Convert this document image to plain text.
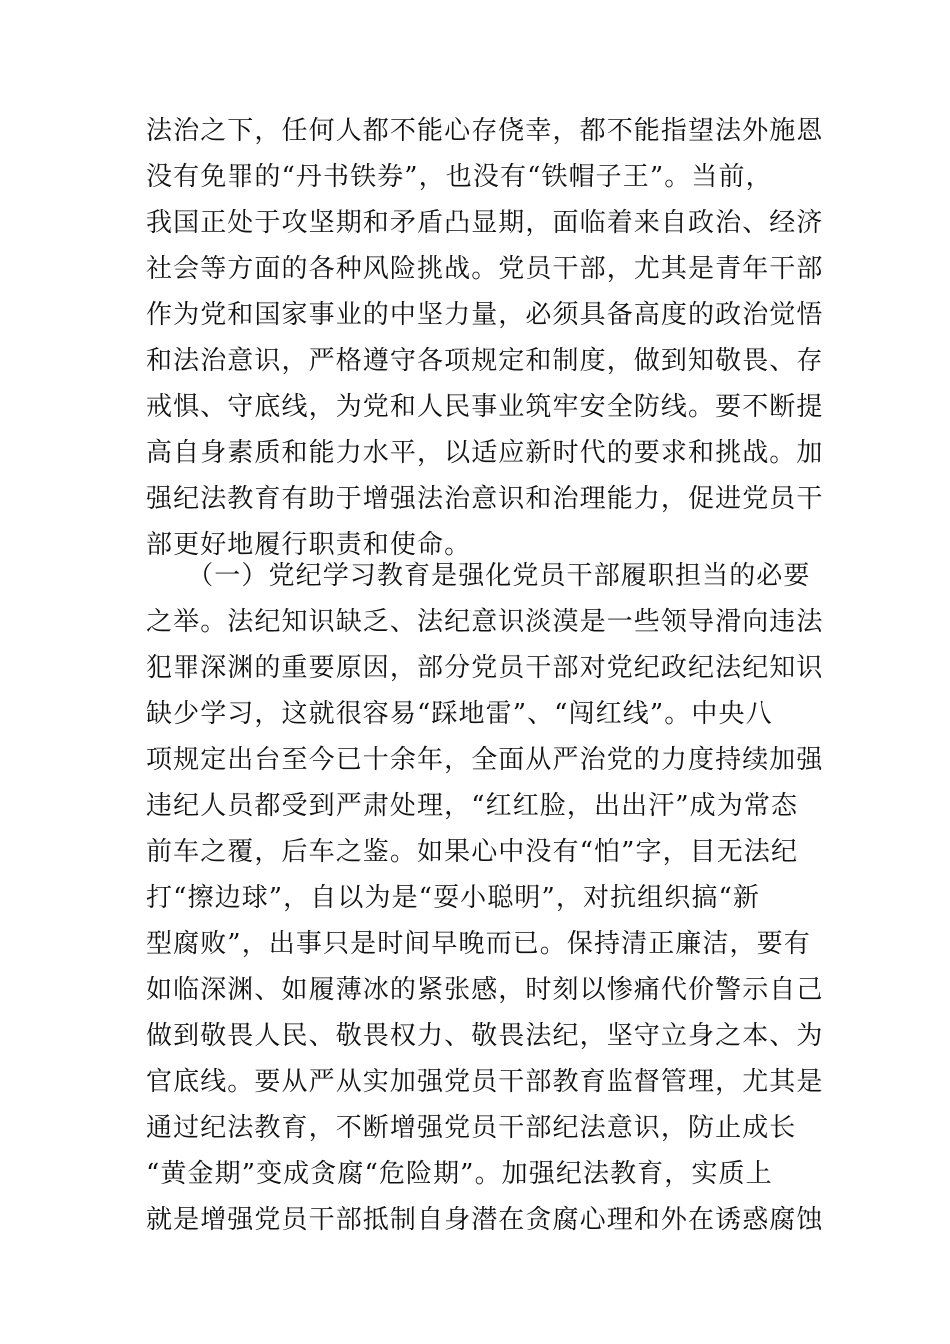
法治之下，任何人都不能心存侥幸，都不能指望法外施恩
没有免罪的“丹书铁券”，也没有“铁帽子王”。当前，
我国正处于攻坚期和矛盾凸显期，面临着来自政治、经济
社会等方面的各种风险挑战。党员干部，尤其是青年干部
作为党和国家事业的中坚力量，必须具备高度的政治觉悟
和法治意识，严格遵守各项规定和制度，做到知敬畏、存
戒惧、守底线，为党和人民事业筑牢安全防线。要不断提
高自身素质和能力水平，以适应新时代的要求和挑战。加
强纪法教育有助于增强法治意识和治理能力，促进党员干
部更好地履行职责和使命。
　　（一）党纪学习教育是强化党员干部履职担当的必要
之举。法纪知识缺乏、法纪意识淡漠是一些领导滑向违法
犯罪深渊的重要原因，部分党员干部对党纪政纪法纪知识
缺少学习，这就很容易“踩地雷”、“闯红线”。中央八
项规定出台至今已十余年，全面从严治党的力度持续加强
违纪人员都受到严肃处理，“红红脸，出出汗”成为常态
前车之覆，后车之鉴。如果心中没有“怕”字，目无法纪
打“擦边球”，自以为是“耍小聪明”，对抗组织搞“新
型腐败”，出事只是时间早晚而已。保持清正廉洁，要有
如临深渊、如履薄冰的紧张感，时刻以惨痛代价警示自己
做到敬畏人民、敬畏权力、敬畏法纪，坚守立身之本、为
官底线。要从严从实加强党员干部教育监督管理，尤其是
通过纪法教育，不断增强党员干部纪法意识，防止成长
“黄金期”变成贪腐“危险期”。加强纪法教育，实质上
就是增强党员干部抵制自身潜在贪腐心理和外在诱惑腐蚀
